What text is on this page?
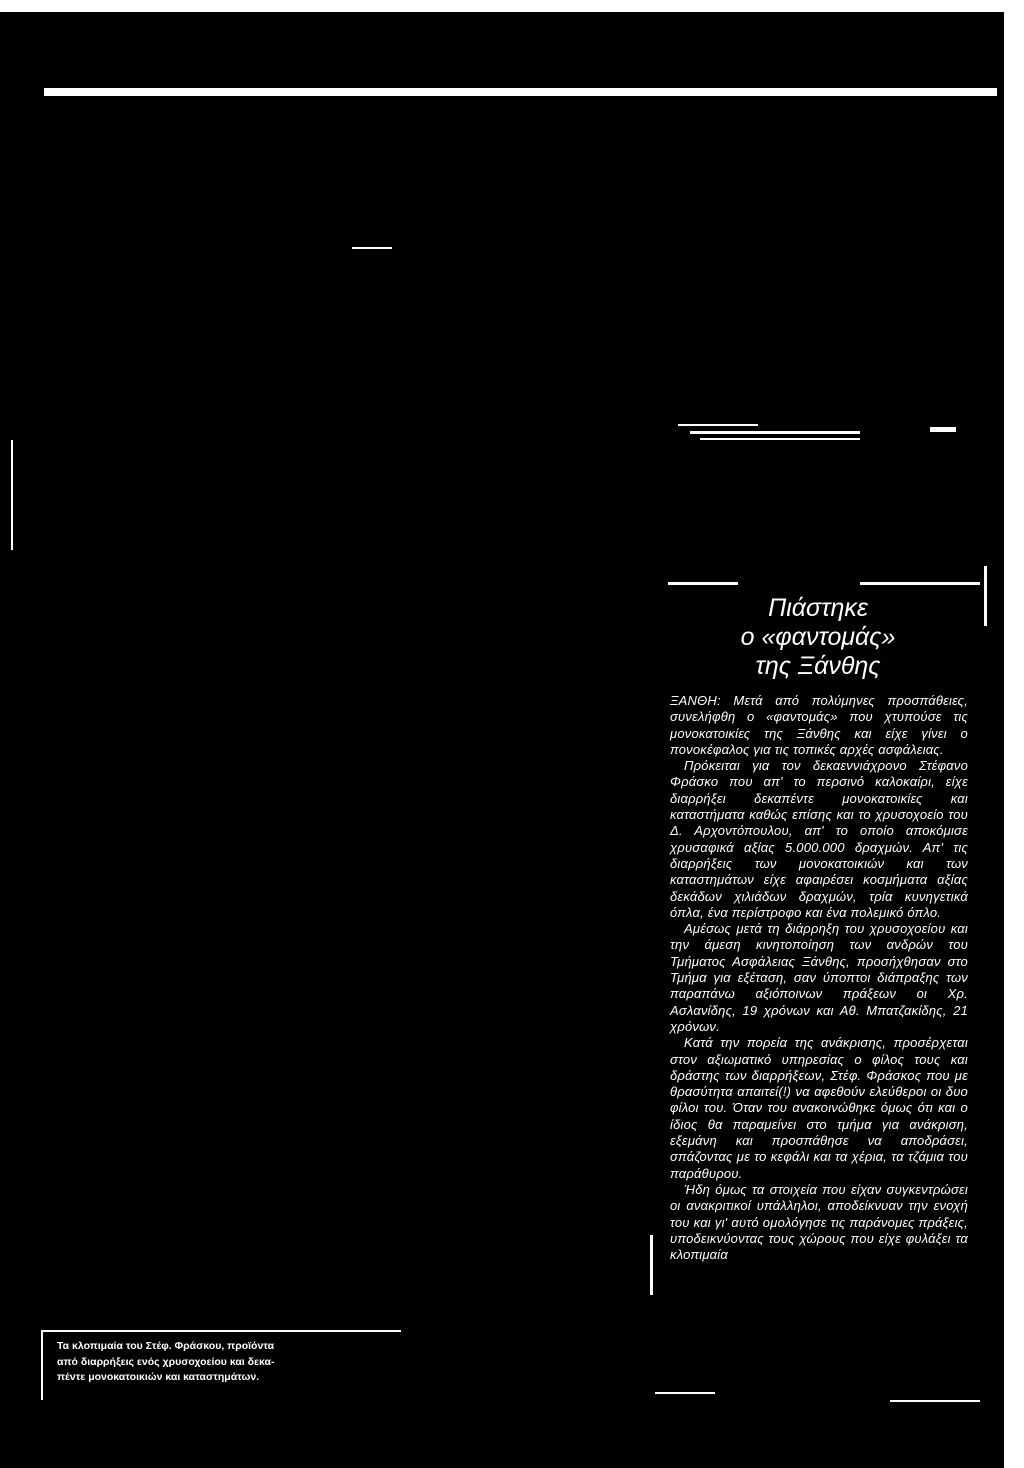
Πιάστηκε
ο «φαντομάς»
της Ξάνθης

ΞΑΝΘΗ: Μετά από πολύμηνες προσπάθειες, συνελήφθη ο «φαντομάς» που χτυπούσε τις μονοκατοικίες της Ξάνθης και είχε γίνει ο πονοκέφαλος για τις τοπικές αρχές ασφάλειας.

Πρόκειται για τον δεκαεννιάχρονο Στέφανο Φράσκο που απ' το περσινό καλοκαίρι, είχε διαρρήξει δεκαπέντε μονοκατοικίες και καταστήματα καθώς επίσης και το χρυσοχοείο του Δ. Αρχοντόπουλου, απ' το οποίο αποκόμισε χρυσαφικά αξίας 5.000.000 δραχμών. Απ' τις διαρρήξεις των μονοκατοικιών και των καταστημάτων είχε αφαιρέσει κοσμήματα αξίας δεκάδων χιλιάδων δραχμών, τρία κυνηγετικά όπλα, ένα περίστροφο και ένα πολεμικό όπλο.

Αμέσως μετά τη διάρρηξη του χρυσοχοείου και την άμεση κινητοποίηση των ανδρών του Τμήματος Ασφάλειας Ξάνθης, προσήχθησαν στο Τμήμα για εξέταση, σαν ύποπτοι διάπραξης των παραπάνω αξιόποινων πράξεων οι Χρ. Ασλανίδης, 19 χρόνων και Αθ. Μπατζακίδης, 21 χρόνων.

Κατά την πορεία της ανάκρισης, προσέρχεται στον αξιωματικό υπηρεσίας ο φίλος τους και δράστης των διαρρήξεων, Στέφ. Φράσκος που με θρασύτητα απαιτεί(!) να αφεθούν ελεύθεροι οι δυο φίλοι του. Όταν του ανακοινώθηκε όμως ότι και ο ίδιος θα παραμείνει στο τμήμα για ανάκριση, εξεμάνη και προσπάθησε να αποδράσει, σπάζοντας με το κεφάλι και τα χέρια, τα τζάμια του παράθυρου.

Ήδη όμως τα στοιχεία που είχαν συγκεντρώσει οι ανακριτικοί υπάλληλοι, αποδείκνυαν την ενοχή του και γι' αυτό ομολόγησε τις παράνομες πράξεις, υποδεικνύοντας τους χώρους που είχε φυλάξει τα κλοπιμαία

Τα κλοπιμαία του Στέφ. Φράσκου, προϊόντα
από διαρρήξεις ενός χρυσοχοείου και δεκα-
πέντε μονοκατοικιών και καταστημάτων.
